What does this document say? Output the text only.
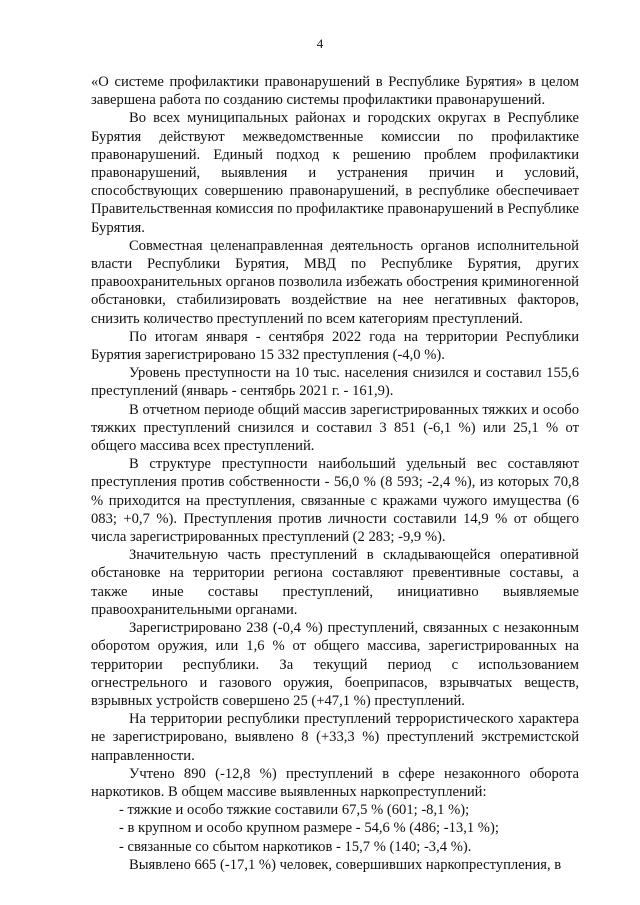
4

«О системе профилактики правонарушений в Республике Бурятия» в целом завершена работа по созданию системы профилактики правонарушений.

Во всех муниципальных районах и городских округах в Республике Бурятия действуют межведомственные комиссии по профилактике правонарушений. Единый подход к решению проблем профилактики правонарушений, выявления и устранения причин и условий, способствующих совершению правонарушений, в республике обеспечивает Правительственная комиссия по профилактике правонарушений в Республике Бурятия.

Совместная целенаправленная деятельность органов исполнительной власти Республики Бурятия, МВД по Республике Бурятия, других правоохранительных органов позволила избежать обострения криминогенной обстановки, стабилизировать воздействие на нее негативных факторов, снизить количество преступлений по всем категориям преступлений.

По итогам января - сентября 2022 года на территории Республики Бурятия зарегистрировано 15 332 преступления (-4,0 %).

Уровень преступности на 10 тыс. населения снизился и составил 155,6 преступлений (январь - сентябрь 2021 г. - 161,9).

В отчетном периоде общий массив зарегистрированных тяжких и особо тяжких преступлений снизился и составил 3 851 (-6,1 %) или 25,1 % от общего массива всех преступлений.

В структуре преступности наибольший удельный вес составляют преступления против собственности - 56,0 % (8 593; -2,4 %), из которых 70,8 % приходится на преступления, связанные с кражами чужого имущества (6 083; +0,7 %). Преступления против личности составили 14,9 % от общего числа зарегистрированных преступлений (2 283; -9,9 %).

Значительную часть преступлений в складывающейся оперативной обстановке на территории региона составляют превентивные составы, а также иные составы преступлений, инициативно выявляемые правоохранительными органами.

Зарегистрировано 238 (-0,4 %) преступлений, связанных с незаконным оборотом оружия, или 1,6 % от общего массива, зарегистрированных на территории республики. За текущий период с использованием огнестрельного и газового оружия, боеприпасов, взрывчатых веществ, взрывных устройств совершено 25 (+47,1 %) преступлений.

На территории республики преступлений террористического характера не зарегистрировано, выявлено 8 (+33,3 %) преступлений экстремистской направленности.

Учтено 890 (-12,8 %) преступлений в сфере незаконного оборота наркотиков. В общем массиве выявленных наркопреступлений:

- тяжкие и особо тяжкие составили 67,5 % (601; -8,1 %);

- в крупном и особо крупном размере - 54,6 % (486; -13,1 %);

- связанные со сбытом наркотиков - 15,7 % (140; -3,4 %).

Выявлено 665 (-17,1 %) человек, совершивших наркопреступления, в
